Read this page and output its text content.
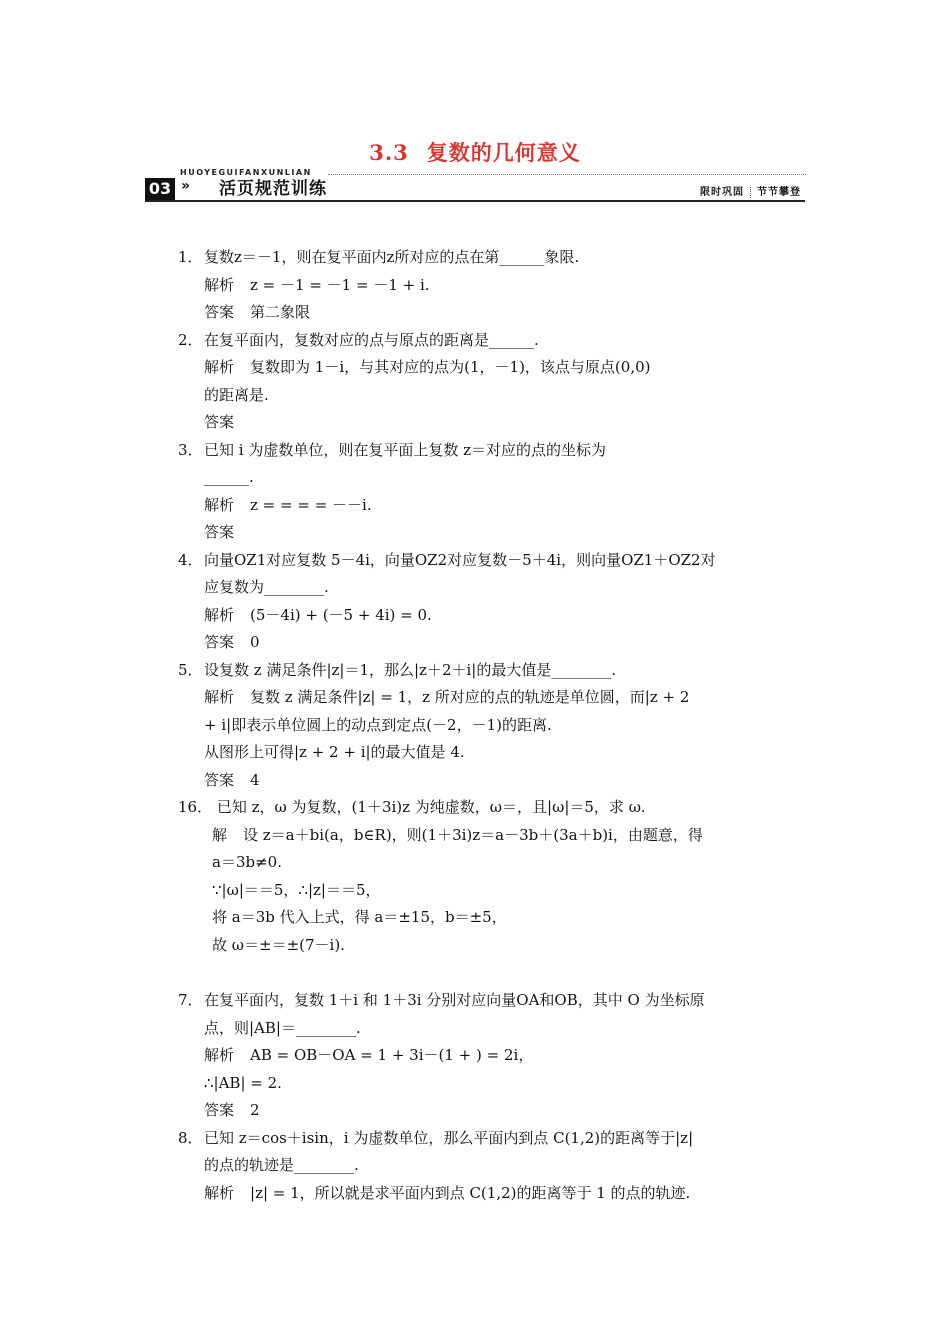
3.3 复数的几何意义
HUOYEGUIFANXUNLIAN
03 » 活页规范训练	限时巩固 节节攀登
1． 复数z＝－1，则在复平面内z所对应的点在第______象限.
解析 z = －1 = －1 = －1 + i.
答案 第二象限
2． 在复平面内，复数对应的点与原点的距离是______.
解析 复数即为 1－i，与其对应的点为(1，－1)，该点与原点(0,0)
的距离是.
答案
3． 已知 i 为虚数单位，则在复平面上复数 z＝对应的点的坐标为
______.
解析 z = = = = －－i.
答案
4． 向量OZ1对应复数 5－4i，向量OZ2对应复数－5＋4i，则向量OZ1＋OZ2对
应复数为________.
解析 (5－4i) + (－5 + 4i) = 0.
答案 0
5． 设复数 z 满足条件|z|＝1，那么|z＋2＋i|的最大值是________.
解析 复数 z 满足条件|z| = 1，z 所对应的点的轨迹是单位圆，而|z + 2
+ i|即表示单位圆上的动点到定点(－2，－1)的距离.
从图形上可得|z + 2 + i|的最大值是 4.
答案 4
16． 已知 z，ω 为复数，(1＋3i)z 为纯虚数，ω＝，且|ω|＝5，求 ω.
解 设 z＝a＋bi(a，b∈R)，则(1＋3i)z＝a－3b＋(3a＋b)i，由题意，得
a＝3b≠0.
∵|ω|＝＝5，∴|z|＝＝5，
将 a＝3b 代入上式，得 a＝±15，b＝±5，
故 ω＝±＝±(7－i).
7． 在复平面内，复数 1＋i 和 1＋3i 分别对应向量OA和OB，其中 O 为坐标原
点，则|AB|＝________.
解析 AB = OB－OA = 1 + 3i－(1 + ) = 2i，
∴|AB| = 2.
答案 2
8． 已知 z＝cos＋isin，i 为虚数单位，那么平面内到点 C(1,2)的距离等于|z|
的点的轨迹是________.
解析 |z| = 1，所以就是求平面内到点 C(1,2)的距离等于 1 的点的轨迹.
